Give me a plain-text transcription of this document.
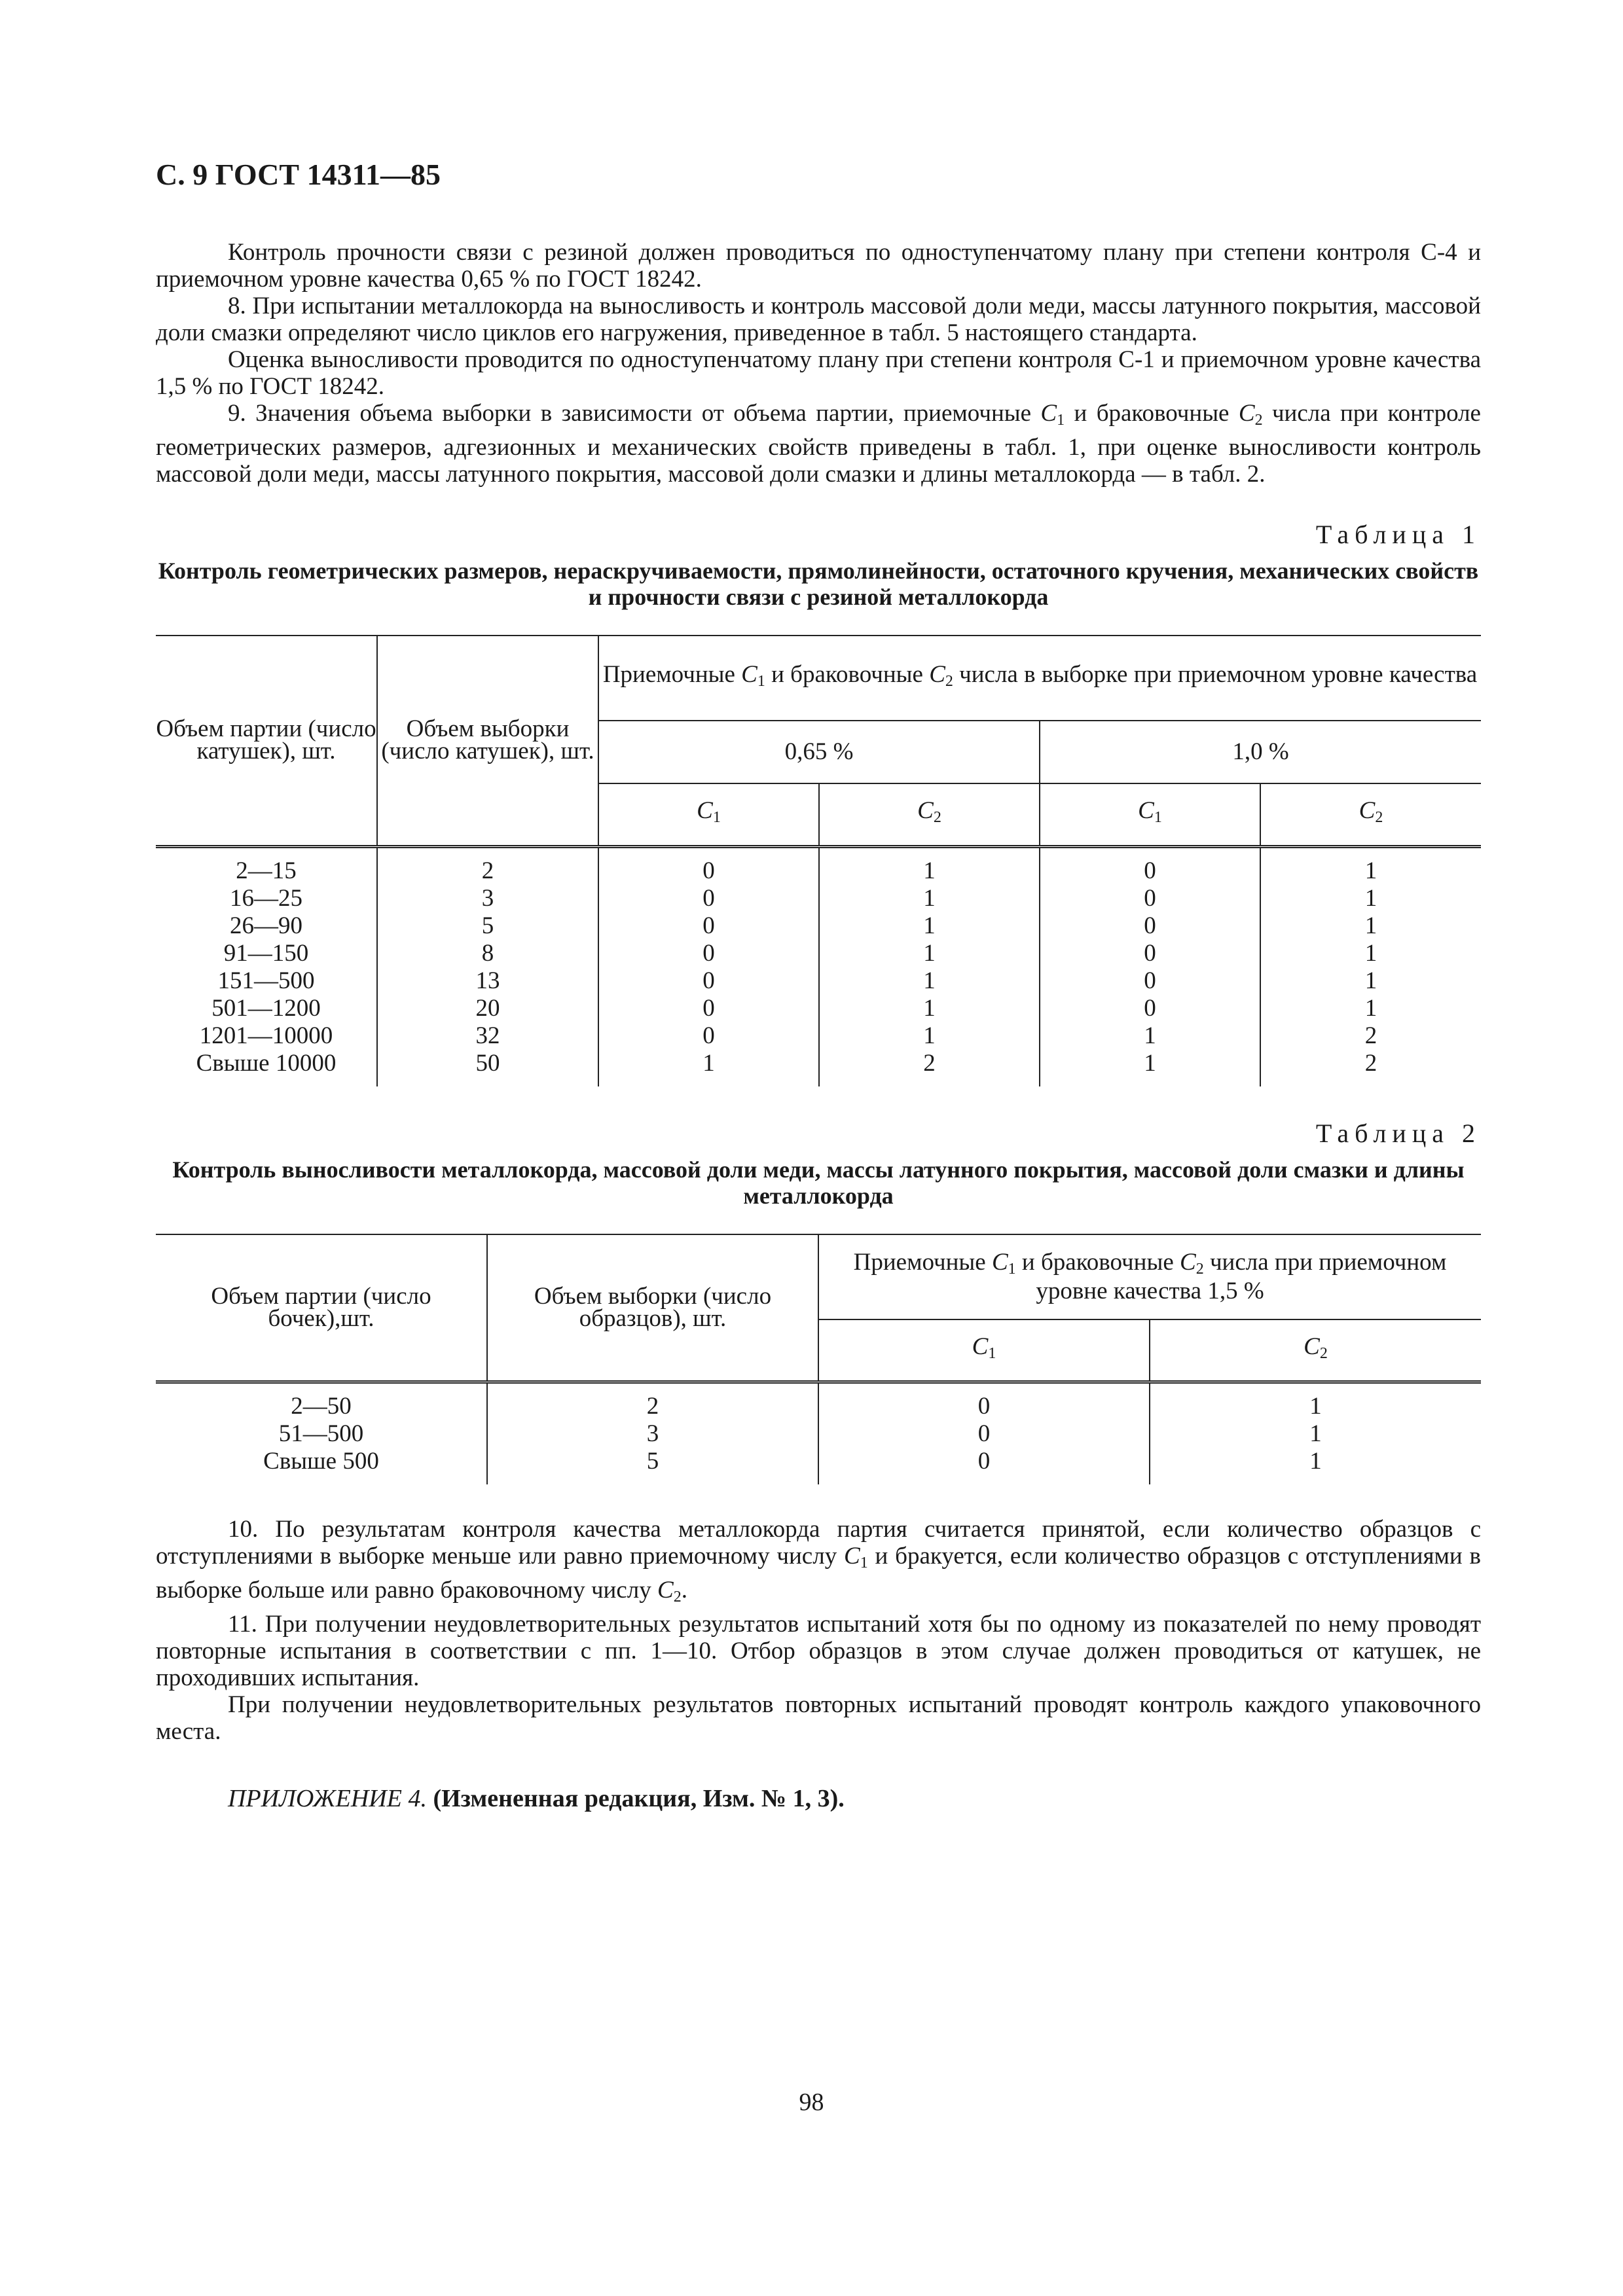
С. 9 ГОСТ 14311—85

Контроль прочности связи с резиной должен проводиться по одноступенчатому плану при степени контроля С-4 и приемочном уровне качества 0,65 % по ГОСТ 18242.

8. При испытании металлокорда на выносливость и контроль массовой доли меди, массы латунного покрытия, массовой доли смазки определяют число циклов его нагружения, приведенное в табл. 5 настоящего стандарта.

Оценка выносливости проводится по одноступенчатому плану при степени контроля С-1 и приемочном уровне качества 1,5 % по ГОСТ 18242.

9. Значения объема выборки в зависимости от объема партии, приемочные $C_1$ и браковочные $C_2$ числа при контроле геометрических размеров, адгезионных и механических свойств приведены в табл. 1, при оценке выносливости контроль массовой доли меди, массы латунного покрытия, массовой доли смазки и длины металлокорда — в табл. 2.

Таблица 1
Контроль геометрических размеров, нераскручиваемости, прямолинейности, остаточного кручения, механических свойств и прочности связи с резиной металлокорда
Объем партии (число катушек), шт.	Объем выборки (число катушек), шт.	Приемочные $C_1$ и браковочные $C_2$ числа в выборке при приемочном уровне качества			
		0,65 %		1,0 %	
		$C_1$	$C_2$	$C_1$	$C_2$
2—15	2	0	1	0	1
16—25	3	0	1	0	1
26—90	5	0	1	0	1
91—150	8	0	1	0	1
151—500	13	0	1	0	1
501—1200	20	0	1	0	1
1201—10000	32	0	1	1	2
Свыше 10000	50	1	2	1	2
Таблица 2
Контроль выносливости металлокорда, массовой доли меди, массы латунного покрытия, массовой доли смазки и длины металлокорда
Объем партии (число бочек),шт.	Объем выборки (число образцов), шт.	Приемочные $C_1$ и браковочные $C_2$ числа при приемочном уровне качества 1,5 %	
		$C_1$	$C_2$
2—50	2	0	1
51—500	3	0	1
Свыше 500	5	0	1

10. По результатам контроля качества металлокорда партия считается принятой, если количество образцов с отступлениями в выборке меньше или равно приемочному числу $C_1$ и бракуется, если количество образцов с отступлениями в выборке больше или равно браковочному числу $C_2$.

11. При получении неудовлетворительных результатов испытаний хотя бы по одному из показателей по нему проводят повторные испытания в соответствии с пп. 1—10. Отбор образцов в этом случае должен проводиться от катушек, не проходивших испытания.

При получении неудовлетворительных результатов повторных испытаний проводят контроль каждого упаковочного места.

ПРИЛОЖЕНИЕ 4. (Измененная редакция, Изм. № 1, 3).
98
